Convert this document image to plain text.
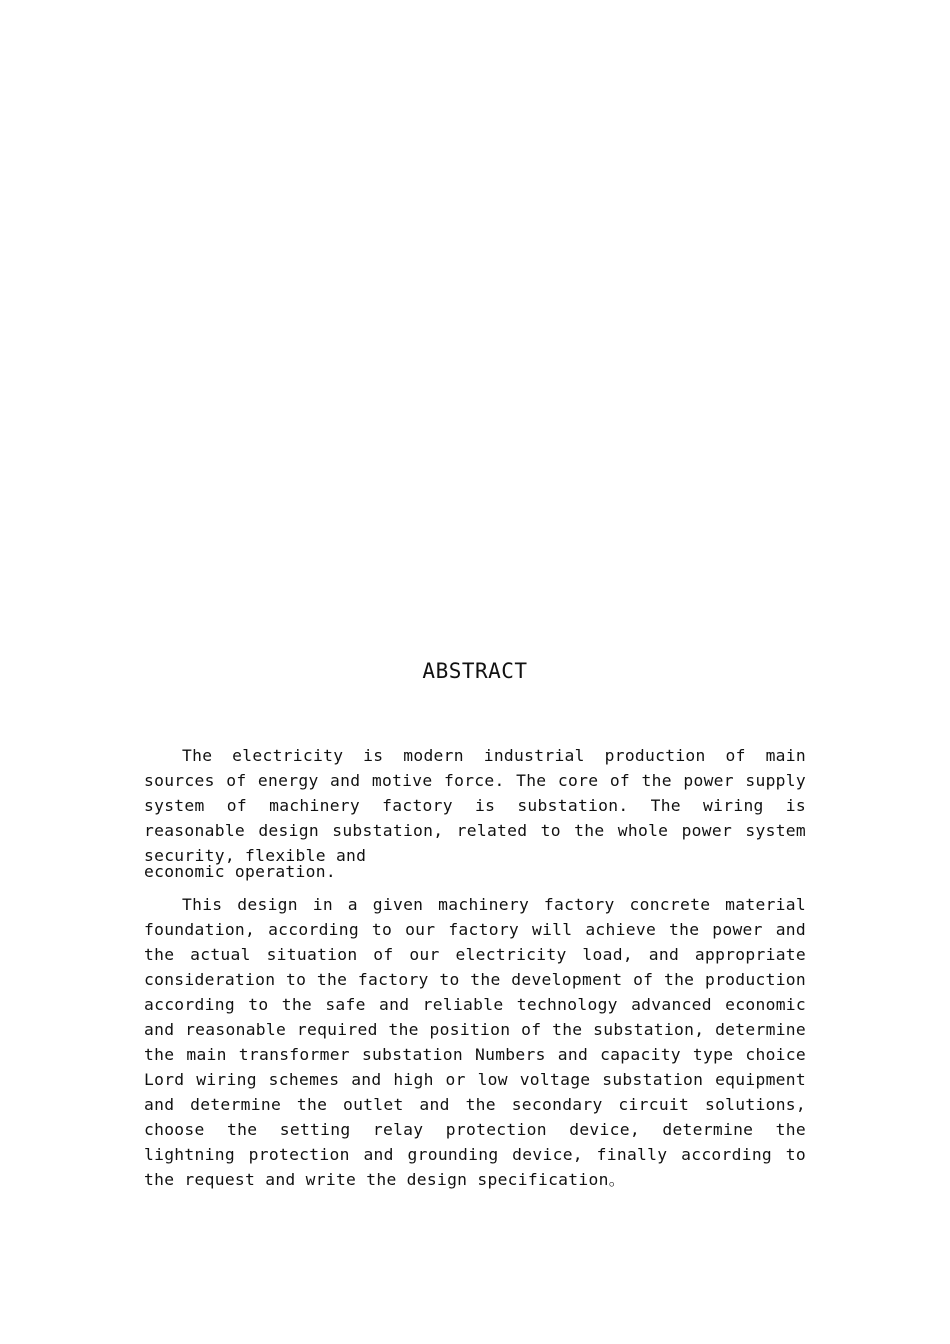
ABSTRACT

The electricity is modern industrial production of main sources of energy and motive force. The core of the power supply system of machinery factory is substation. The wiring is reasonable design substation, related to the whole power system security, flexible and

economic operation.

This design in a given machinery factory concrete material foundation, according to our factory will achieve the power and the actual situation of our electricity load, and appropriate consideration to the factory to the development of the production according to the safe and reliable technology advanced economic and reasonable required the position of the substation, determine the main transformer substation Numbers and capacity type choice Lord wiring schemes and high or low voltage substation equipment and determine the outlet and the secondary circuit solutions, choose the setting relay protection device, determine the lightning protection and grounding device, finally according to the request and write the design specification。
